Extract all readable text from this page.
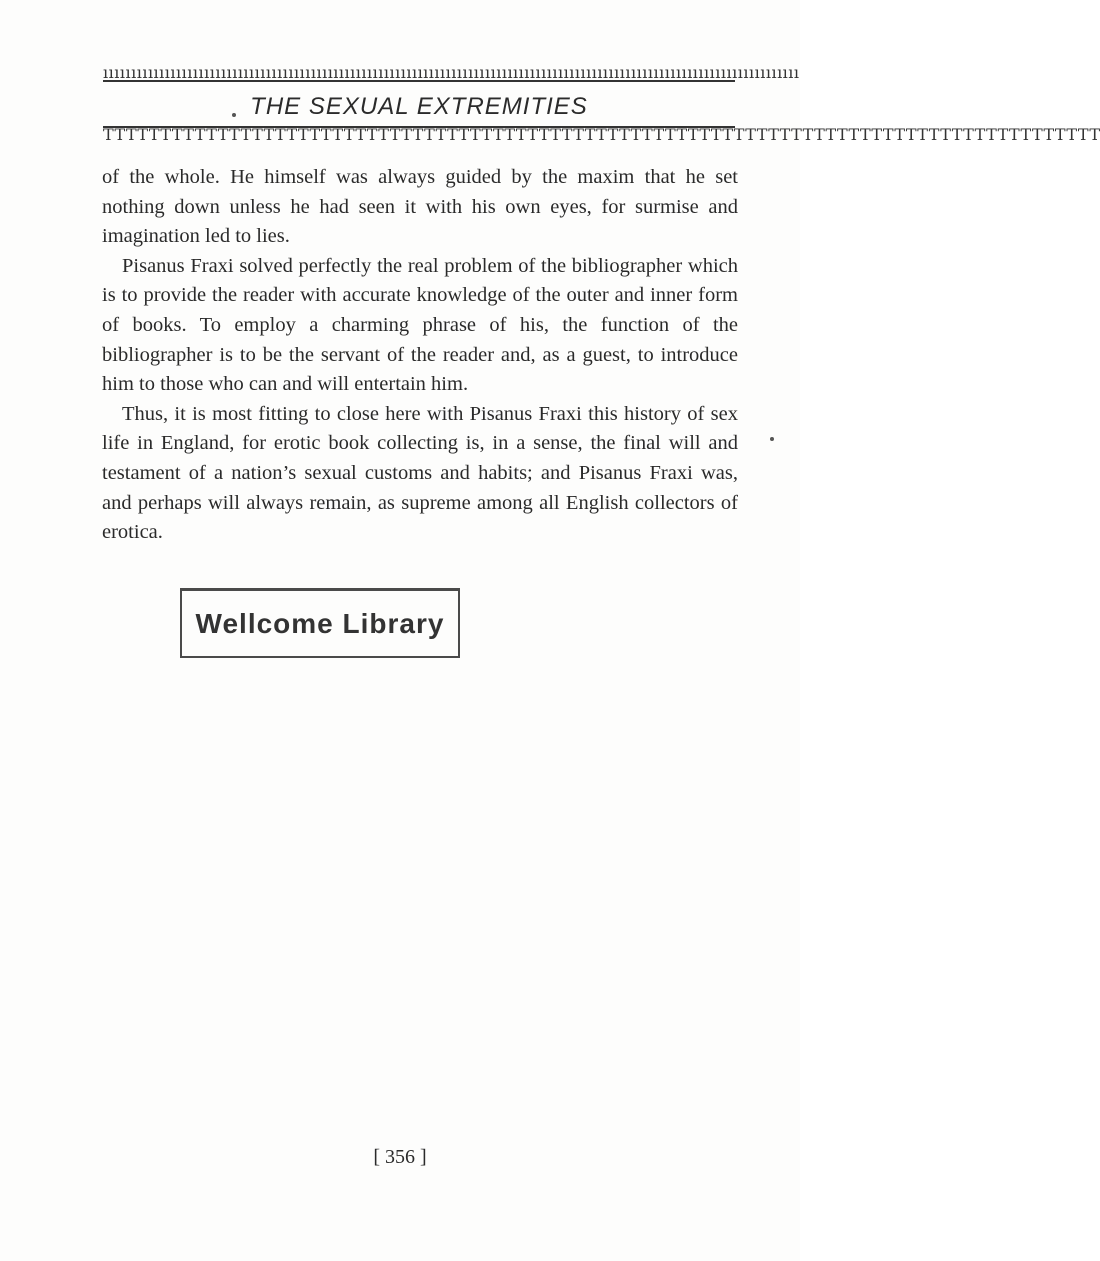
ıııııııııııııııııııııııııııııııııııııııııııııııııııııııııııııııııııııııııııııııııııııııııııııııııııııııııııııııııııııııııııı
THE SEXUAL EXTREMITIES
TTTTTTTTTTTTTTTTTTTTTTTTTTTTTTTTTTTTTTTTTTTTTTTTTTTTTTTTTTTTTTTTTTTTTTTTTTTTTTTTTTTTTTT

of the whole. He himself was always guided by the maxim that he set nothing down unless he had seen it with his own eyes, for surmise and imagination led to lies.

Pisanus Fraxi solved perfectly the real problem of the bibliographer which is to provide the reader with accurate knowledge of the outer and inner form of books. To employ a charming phrase of his, the function of the bibliographer is to be the servant of the reader and, as a guest, to introduce him to those who can and will entertain him.

Thus, it is most fitting to close here with Pisanus Fraxi this history of sex life in England, for erotic book collecting is, in a sense, the final will and testament of a nation’s sexual customs and habits; and Pisanus Fraxi was, and perhaps will always remain, as supreme among all English collectors of erotica.

Wellcome Library
[ 356 ]
